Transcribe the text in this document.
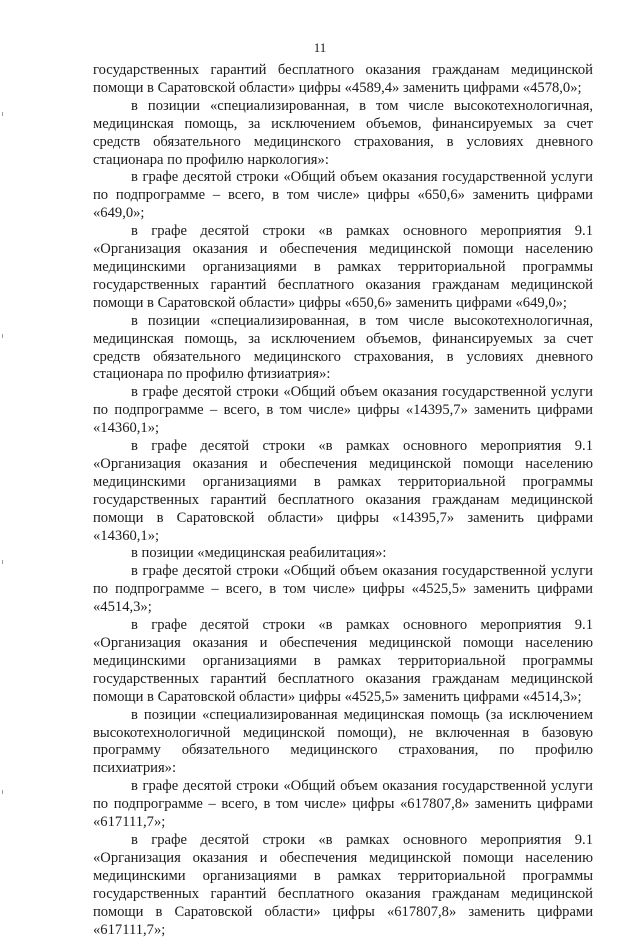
11

государственных гарантий бесплатного оказания гражданам медицинской помощи в Саратовской области» цифры «4589,4» заменить цифрами «4578,0»;

в позиции «специализированная, в том числе высокотехнологичная, медицинская помощь, за исключением объемов, финансируемых за счет средств обязательного медицинского страхования, в условиях дневного стационара по профилю наркология»:

в графе десятой строки «Общий объем оказания государственной услуги по подпрограмме – всего, в том числе» цифры «650,6» заменить цифрами «649,0»;

в графе десятой строки «в рамках основного мероприятия 9.1 «Организация оказания и обеспечения медицинской помощи населению медицинскими организациями в рамках территориальной программы государственных гарантий бесплатного оказания гражданам медицинской помощи в Саратовской области» цифры «650,6» заменить цифрами «649,0»;

в позиции «специализированная, в том числе высокотехнологичная, медицинская помощь, за исключением объемов, финансируемых за счет средств обязательного медицинского страхования, в условиях дневного стационара по профилю фтизиатрия»:

в графе десятой строки «Общий объем оказания государственной услуги по подпрограмме – всего, в том числе» цифры «14395,7» заменить цифрами «14360,1»;

в графе десятой строки «в рамках основного мероприятия 9.1 «Организация оказания и обеспечения медицинской помощи населению медицинскими организациями в рамках территориальной программы государственных гарантий бесплатного оказания гражданам медицинской помощи в Саратовской области» цифры «14395,7» заменить цифрами «14360,1»;

в позиции «медицинская реабилитация»:

в графе десятой строки «Общий объем оказания государственной услуги по подпрограмме – всего, в том числе» цифры «4525,5» заменить цифрами «4514,3»;

в графе десятой строки «в рамках основного мероприятия 9.1 «Организация оказания и обеспечения медицинской помощи населению медицинскими организациями в рамках территориальной программы государственных гарантий бесплатного оказания гражданам медицинской помощи в Саратовской области» цифры «4525,5» заменить цифрами «4514,3»;

в позиции «специализированная медицинская помощь (за исключением высокотехнологичной медицинской помощи), не включенная в базовую программу обязательного медицинского страхования, по профилю психиатрия»:

в графе десятой строки «Общий объем оказания государственной услуги по подпрограмме – всего, в том числе» цифры «617807,8» заменить цифрами «617111,7»;

в графе десятой строки «в рамках основного мероприятия 9.1 «Организация оказания и обеспечения медицинской помощи населению медицинскими организациями в рамках территориальной программы государственных гарантий бесплатного оказания гражданам медицинской помощи в Саратовской области» цифры «617807,8» заменить цифрами «617111,7»;
